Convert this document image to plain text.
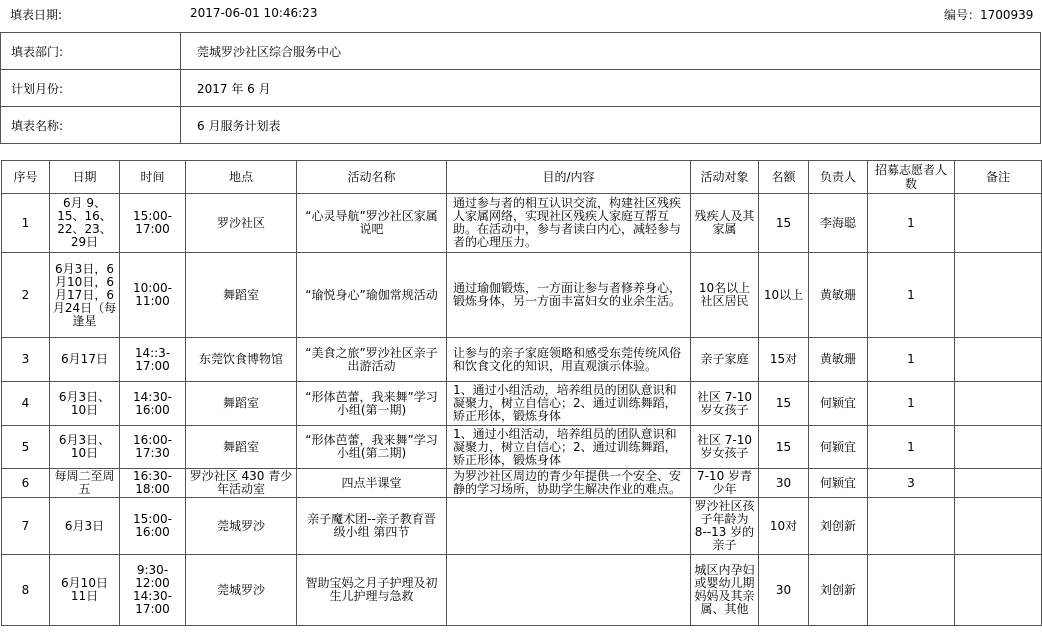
填表日期:	2017-06-01 10:46:23	编号：1700939
填表部门:	莞城罗沙社区综合服务中心
计划月份:	2017 年 6 月
填表名称:	6 月服务计划表
序号	日期	时间	地点	活动名称	目的/内容	活动对象	名额	负责人	招募志愿者人数	备注
1	6月 9、15、16、22、23、29日	15:00-17:00	罗沙社区	“心灵导航”罗沙社区家属说吧	通过参与者的相互认识交流，构建社区残疾人家属网络，实现社区残疾人家庭互帮互助。在活动中，参与者读白内心，减轻参与者的心理压力。	残疾人及其家属	15	李海聪	1	
2	6月3日，6月10日，6月17日，6月24日（每逢星	10:00-11:00	舞蹈室	“瑜悦身心”瑜伽常规活动	通过瑜伽锻炼，一方面让参与者修养身心，锻炼身体，另一方面丰富妇女的业余生活。	10名以上社区居民	10以上	黄敏珊	1	
3	6月17日	14::3-17:00	东莞饮食博物馆	“美食之旅”罗沙社区亲子出游活动	让参与的亲子家庭领略和感受东莞传统风俗和饮食文化的知识，用直观演示体验。	亲子家庭	15对	黄敏珊	1	
4	6月3日、10日	14:30-16:00	舞蹈室	“形体芭蕾，我来舞”学习小组(第一期)	1、通过小组活动，培养组员的团队意识和凝聚力，树立自信心；2、通过训练舞蹈，矫正形体，锻炼身体	社区 7-10 岁女孩子	15	何颖宜	1	
5	6月3日、10日	16:00-17:30	舞蹈室	“形体芭蕾，我来舞”学习小组(第二期)	1、通过小组活动，培养组员的团队意识和凝聚力，树立自信心；2、通过训练舞蹈，矫正形体，锻炼身体	社区 7-10 岁女孩子	15	何颖宜	1	
6	每周二至周五	16:30-18:00	罗沙社区 430 青少年活动室	四点半课堂	为罗沙社区周边的青少年提供一个安全、安静的学习场所，协助学生解决作业的难点。	7-10 岁青少年	30	何颖宜	3	
7	6月3日	15:00-16:00	莞城罗沙	亲子魔术团--亲子教育晋级小组 第四节		罗沙社区孩子年龄为 8--13 岁的亲子	10对	刘创新		
8	6月10日 11日	9:30-12:00 14:30-17:00	莞城罗沙	智助宝妈之月子护理及初生儿护理与急救		城区内孕妇或婴幼儿期妈妈及其亲属、其他	30	刘创新		
